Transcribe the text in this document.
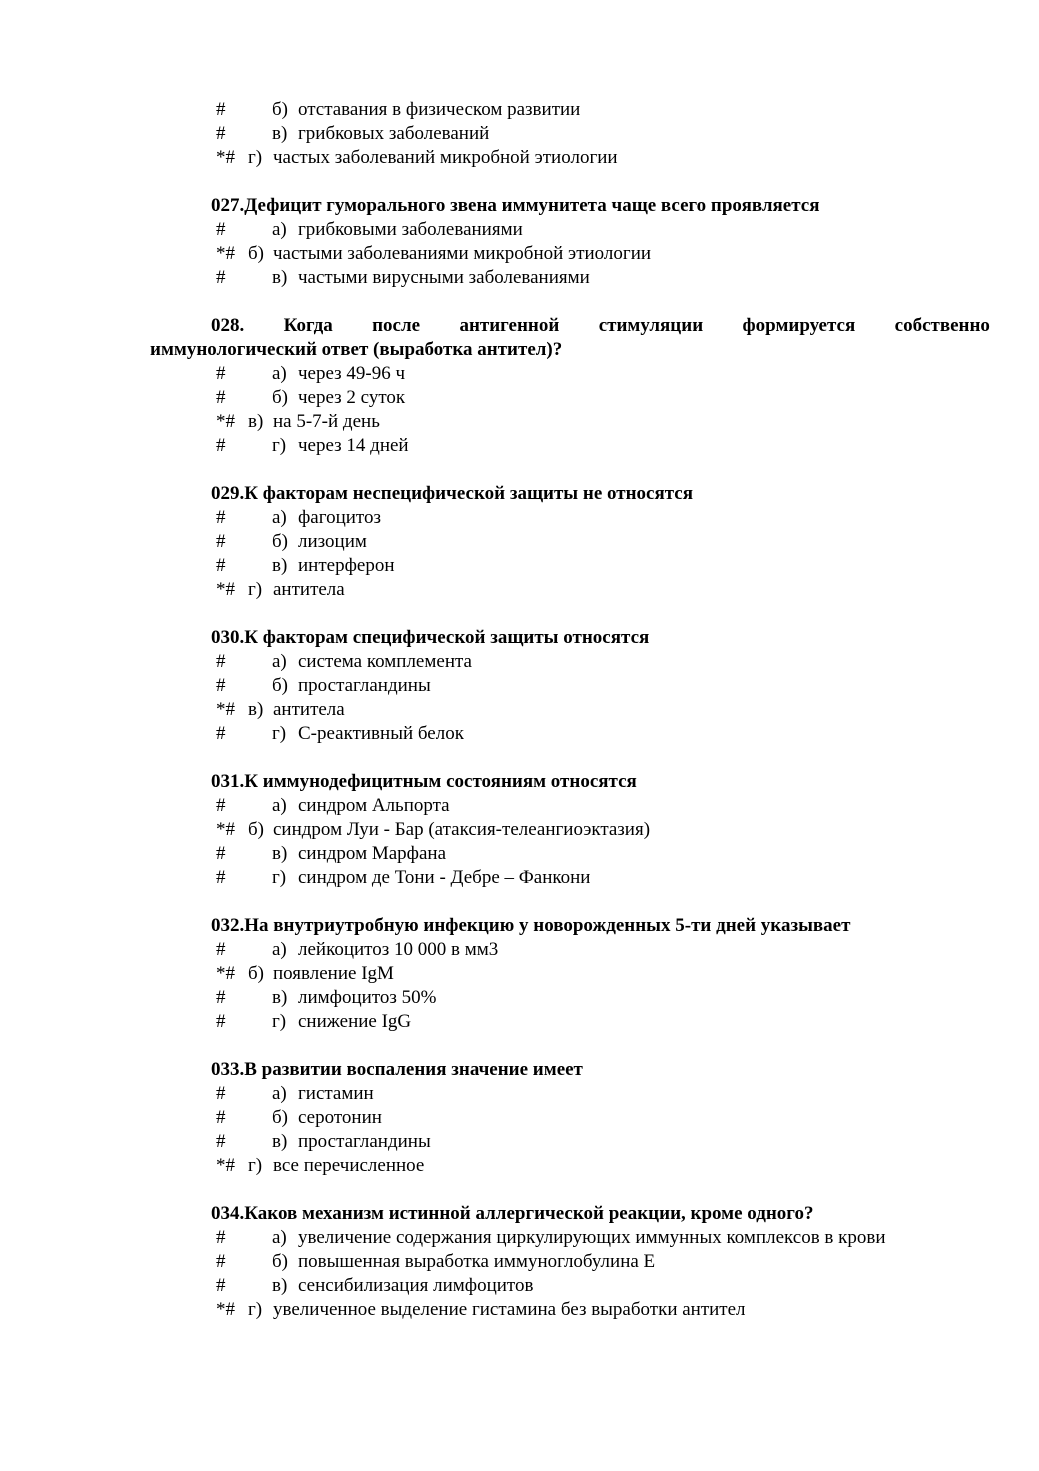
# б) отставания в физическом развитии
# в) грибковых заболеваний
*# г) частых заболеваний микробной этиологии
027.Дефицит гуморального звена иммунитета чаще всего проявляется
# а) грибковыми заболеваниями
*# б) частыми заболеваниями микробной этиологии
# в) частыми вирусными заболеваниями
028. Когда после антигенной стимуляции формируется собственно
иммунологический ответ (выработка антител)?
# а) через 49-96 ч
# б) через 2 суток
*# в) на 5-7-й день
# г) через 14 дней
029.К факторам неспецифической защиты не относятся
# а) фагоцитоз
# б) лизоцим
# в) интерферон
*# г) антитела
030.К факторам специфической защиты относятся
# а) система комплемента
# б) простагландины
*# в) антитела
# г) С-реактивный белок
031.К иммунодефицитным состояниям относятся
# а) синдром Альпорта
*# б) синдром Луи - Бар (атаксия-телеангиоэктазия)
# в) синдром Марфана
# г) синдром де Тони - Дебре – Фанкони
032.На внутриутробную инфекцию у новорожденных 5-ти дней указывает
# а) лейкоцитоз 10 000 в мм3
*# б) появление IgM
# в) лимфоцитоз 50%
# г) снижение IgG
033.В развитии воспаления значение имеет
# а) гистамин
# б) серотонин
# в) простагландины
*# г) все перечисленное
034.Каков механизм истинной аллергической реакции, кроме одного?
# а) увеличение содержания циркулирующих иммунных комплексов в крови
# б) повышенная выработка иммуноглобулина Е
# в) сенсибилизация лимфоцитов
*# г) увеличенное выделение гистамина без выработки антител
